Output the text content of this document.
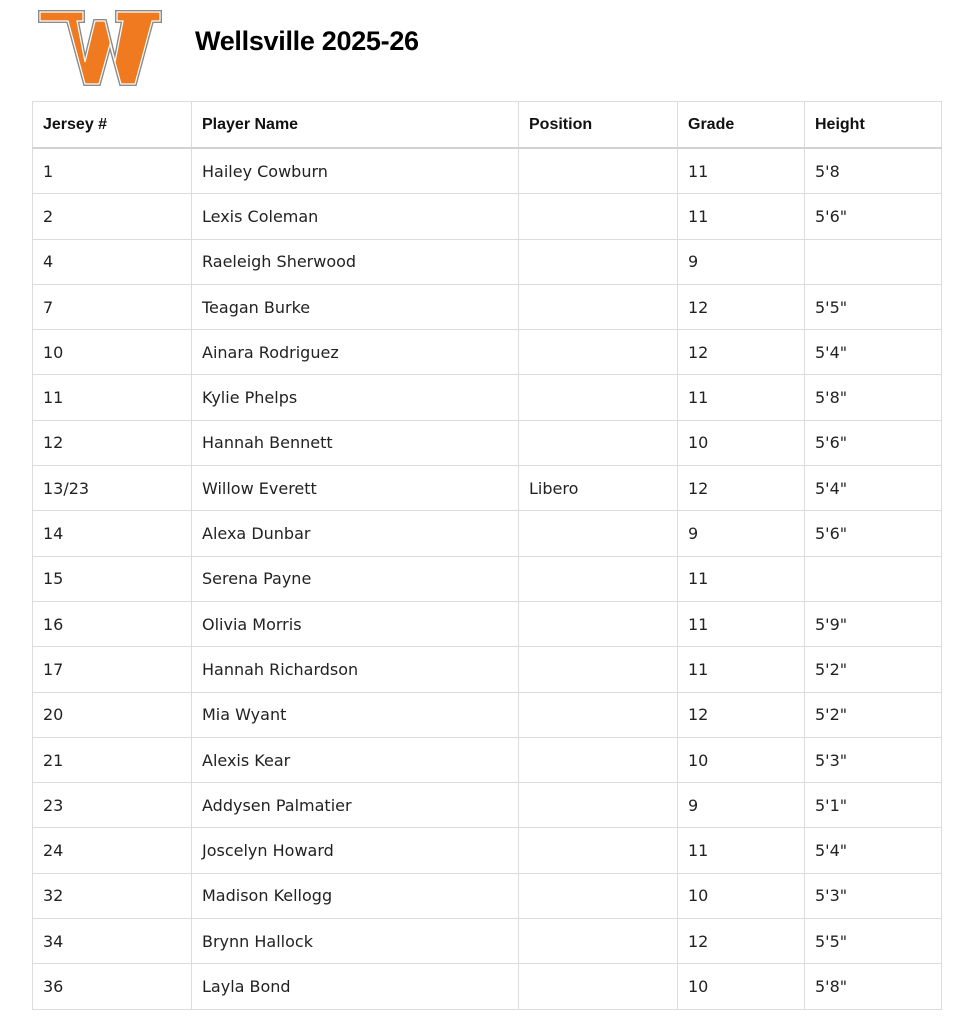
Wellsville 2025-26
Jersey #	Player Name	Position	Grade	Height
1	Hailey Cowburn		11	5'8
2	Lexis Coleman		11	5'6"
4	Raeleigh Sherwood		9	
7	Teagan Burke		12	5'5"
10	Ainara Rodriguez		12	5'4"
11	Kylie Phelps		11	5'8"
12	Hannah Bennett		10	5'6"
13/23	Willow Everett	Libero	12	5'4"
14	Alexa Dunbar		9	5'6"
15	Serena Payne		11	
16	Olivia Morris		11	5'9"
17	Hannah Richardson		11	5'2"
20	Mia Wyant		12	5'2"
21	Alexis Kear		10	5'3"
23	Addysen Palmatier		9	5'1"
24	Joscelyn Howard		11	5'4"
32	Madison Kellogg		10	5'3"
34	Brynn Hallock		12	5'5"
36	Layla Bond		10	5'8"
